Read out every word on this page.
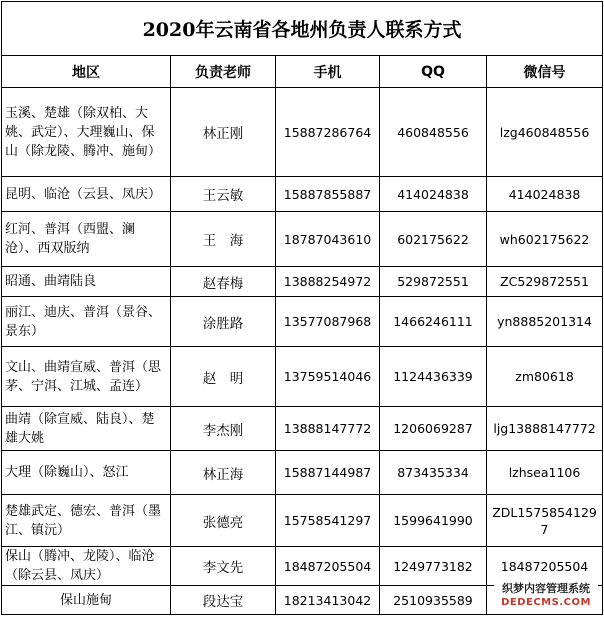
2020年云南省各地州负责人联系方式				
地区	负责老师	手机	QQ	微信号
玉溪、楚雄（除双柏、大姚、武定）、大理巍山、保山（除龙陵、腾冲、施甸）	林正刚	15887286764	460848556	lzg460848556
昆明、临沧（云县、凤庆）	王云敏	15887855887	414024838	414024838
红河、普洱（西盟、澜沧）、西双版纳	王　海	18787043610	602175622	wh602175622
昭通、曲靖陆良	赵春梅	13888254972	529872551	ZC529872551
丽江、迪庆、普洱（景谷、景东）	涂胜路	13577087968	1466246111	yn8885201314
文山、曲靖宣威、普洱（思茅、宁洱、江城、孟连）	赵　明	13759514046	1124436339	zm80618
曲靖（除宣威、陆良）、楚雄大姚	李杰刚	13888147772	1206069287	ljg13888147772
大理（除巍山）、怒江	林正海	15887144987	873435334	lzhsea1106
楚雄武定、德宏、普洱（墨江、镇沅）	张德亮	15758541297	1599641990	ZDL15758541297
保山（腾冲、龙陵）、临沧（除云县、凤庆）	李文先	18487205504	1249773182	18487205504
保山施甸	段达宝	18213413042	2510935589	
织梦内容管理系统
DEDECMS.COM
